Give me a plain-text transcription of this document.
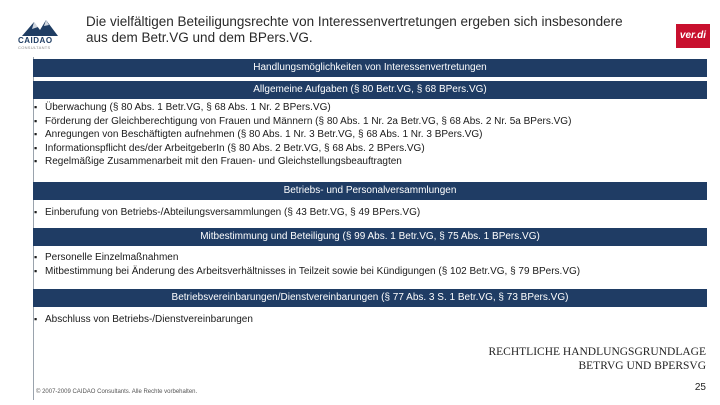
CAIDAO
CONSULTANTS
Die vielfältigen Beteiligungsrechte von Interessenvertretungen ergeben sich insbesondere aus dem Betr.VG und dem BPers.VG.	ver.di
Handlungsmöglichkeiten von Interessenvertretungen
Allgemeine Aufgaben (§ 80 Betr.VG, § 68 BPers.VG)
▪ Überwachung (§ 80 Abs. 1 Betr.VG, § 68 Abs. 1 Nr. 2 BPers.VG)
▪ Förderung der Gleichberechtigung von Frauen und Männern (§ 80 Abs. 1 Nr. 2a Betr.VG, § 68 Abs. 2 Nr. 5a BPers.VG)
▪ Anregungen von Beschäftigten aufnehmen (§ 80 Abs. 1 Nr. 3 Betr.VG, § 68 Abs. 1 Nr. 3 BPers.VG)
▪ Informationspflicht des/der ArbeitgeberIn (§ 80 Abs. 2 Betr.VG, § 68 Abs. 2 BPers.VG)
▪ Regelmäßige Zusammenarbeit mit den Frauen- und Gleichstellungsbeauftragten
Betriebs- und Personalversammlungen
▪ Einberufung von Betriebs-/Abteilungsversammlungen (§ 43 Betr.VG, § 49 BPers.VG)
Mitbestimmung und Beteiligung (§ 99 Abs. 1 Betr.VG, § 75 Abs. 1 BPers.VG)
▪ Personelle Einzelmaßnahmen
▪ Mitbestimmung bei Änderung des Arbeitsverhältnisses in Teilzeit sowie bei Kündigungen (§ 102 Betr.VG, § 79 BPers.VG)
Betriebsvereinbarungen/Dienstvereinbarungen (§ 77 Abs. 3 S. 1 Betr.VG, § 73 BPers.VG)
▪ Abschluss von Betriebs-/Dienstvereinbarungen
RECHTLICHE HANDLUNGSGRUNDLAGE
BETRVG UND BPERSVG
25
© 2007-2009 CAIDAO Consultants. Alle Rechte vorbehalten.
